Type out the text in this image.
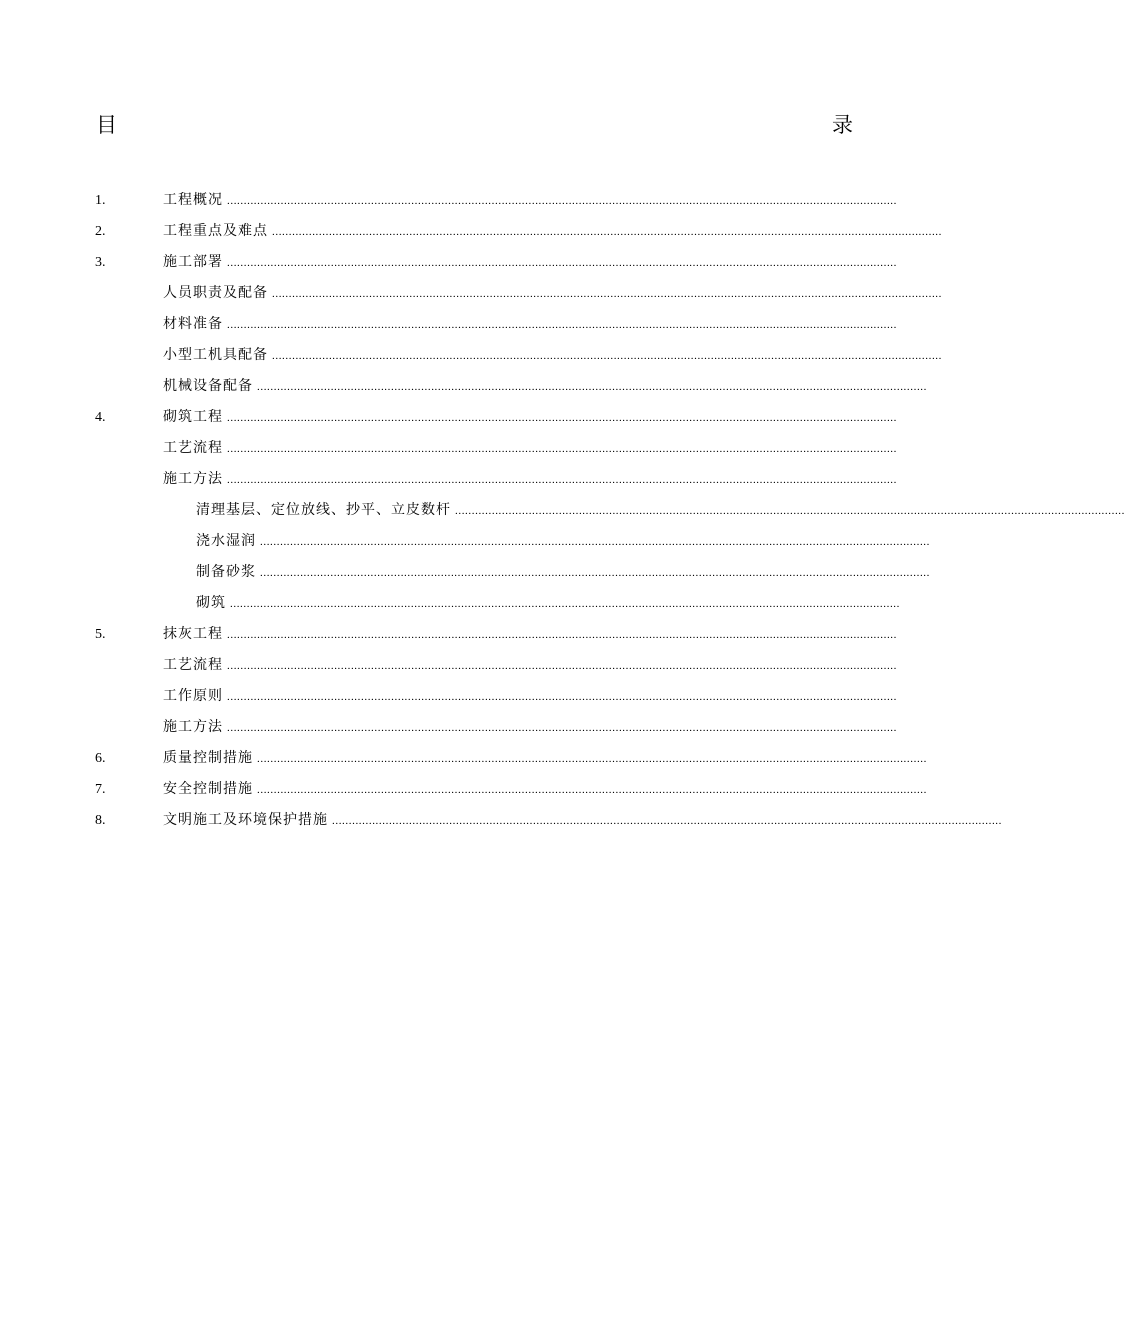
目	录
1.	工程概况 ........................................................................................................................................................................................................
2.	工程重点及难点 ........................................................................................................................................................................................................
3.	施工部署 ........................................................................................................................................................................................................
人员职责及配备 ........................................................................................................................................................................................................
材料准备 ........................................................................................................................................................................................................
小型工机具配备 ........................................................................................................................................................................................................
机械设备配备 ........................................................................................................................................................................................................
4.	砌筑工程 ........................................................................................................................................................................................................
工艺流程 ........................................................................................................................................................................................................
施工方法 ........................................................................................................................................................................................................
清理基层、定位放线、抄平、立皮数杆 ........................................................................................................................................................................................................
浇水湿润 ........................................................................................................................................................................................................
制备砂浆 ........................................................................................................................................................................................................
砌筑 ........................................................................................................................................................................................................
5.	抹灰工程 ........................................................................................................................................................................................................
工艺流程 ........................................................................................................................................................................................................
工作原则 ........................................................................................................................................................................................................
施工方法 ........................................................................................................................................................................................................
6.	质量控制措施 ........................................................................................................................................................................................................
7.	安全控制措施 ........................................................................................................................................................................................................
8.	文明施工及环境保护措施 ........................................................................................................................................................................................................
